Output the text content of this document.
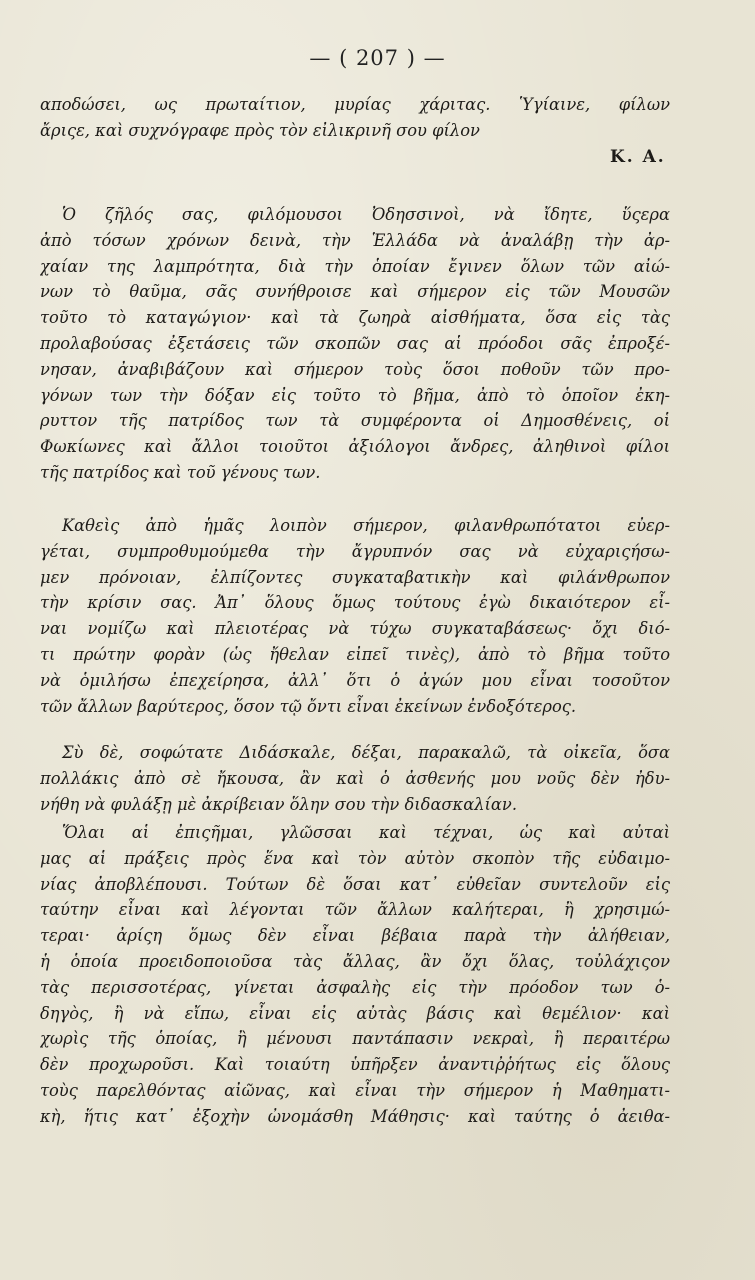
— ( 207 ) —
αποδώσει, ως πρωταίτιον, μυρίας χάριτας. Ὑγίαινε, φίλων
ἄριςε, καὶ συχνόγραφε πρὸς τὸν εἰλικρινῆ σου φίλον
Κ. Α.
Ὁ ζῆλός σας, φιλόμουσοι Ὀδησσινοὶ, νὰ ἴδητε, ὕςερα
ἀπὸ τόσων χρόνων δεινὰ, τὴν Ἑλλάδα νὰ ἀναλάβῃ τὴν ἀρ-
χαίαν της λαμπρότητα, διὰ τὴν ὁποίαν ἔγινεν ὅλων τῶν αἰώ-
νων τὸ θαῦμα, σᾶς συνήθροισε καὶ σήμερον εἰς τῶν Μουσῶν
τοῦτο τὸ καταγώγιον· καὶ τὰ ζωηρὰ αἰσθήματα, ὅσα εἰς τὰς
προλαβούσας ἐξετάσεις τῶν σκοπῶν σας αἱ πρόοδοι σᾶς ἐπροξέ-
νησαν, ἀναβιβάζουν καὶ σήμερον τοὺς ὅσοι ποθοῦν τῶν προ-
γόνων των τὴν δόξαν εἰς τοῦτο τὸ βῆμα, ἀπὸ τὸ ὁποῖον ἐκη-
ρυττον τῆς πατρίδος των τὰ συμφέροντα οἱ Δημοσθένεις, οἱ
Φωκίωνες καὶ ἄλλοι τοιοῦτοι ἀξιόλογοι ἄνδρες, ἀληθινοὶ φίλοι
τῆς πατρίδος καὶ τοῦ γένους των.
Καθεὶς ἀπὸ ἡμᾶς λοιπὸν σήμερον, φιλανθρωπότατοι εὐερ-
γέται, συμπροθυμούμεθα τὴν ἄγρυπνόν σας νὰ εὐχαριςήσω-
μεν πρόνοιαν, ἐλπίζοντες συγκαταβατικὴν καὶ φιλάνθρωπον
τὴν κρίσιν σας. Ἀπ᾽ ὅλους ὅμως τούτους ἐγὼ δικαιότερον εἶ-
ναι νομίζω καὶ πλειοτέρας νὰ τύχω συγκαταβάσεως· ὄχι διό-
τι πρώτην φορὰν (ὡς ἤθελαν εἰπεῖ τινὲς), ἀπὸ τὸ βῆμα τοῦτο
νὰ ὁμιλήσω ἐπεχείρησα, ἀλλ᾽ ὅτι ὁ ἀγών μου εἶναι τοσοῦτον
τῶν ἄλλων βαρύτερος, ὅσον τῷ ὄντι εἶναι ἐκείνων ἐνδοξότερος.
Σὺ δὲ, σοφώτατε Διδάσκαλε, δέξαι, παρακαλῶ, τὰ οἰκεῖα, ὅσα
πολλάκις ἀπὸ σὲ ἤκουσα, ἂν καὶ ὁ ἀσθενής μου νοῦς δὲν ἠδυ-
νήθη νὰ φυλάξῃ μὲ ἀκρίβειαν ὅλην σου τὴν διδασκαλίαν.
Ὅλαι αἱ ἐπιςῆμαι, γλῶσσαι καὶ τέχναι, ὡς καὶ αὐταὶ
μας αἱ πράξεις πρὸς ἕνα καὶ τὸν αὐτὸν σκοπὸν τῆς εὐδαιμο-
νίας ἀποβλέπουσι. Τούτων δὲ ὅσαι κατ᾽ εὐθεῖαν συντελοῦν εἰς
ταύτην εἶναι καὶ λέγονται τῶν ἄλλων καλήτεραι, ἢ χρησιμώ-
τεραι· ἀρίςη ὅμως δὲν εἶναι βέβαια παρὰ τὴν ἀλήθειαν,
ἡ ὁποία προειδοποιοῦσα τὰς ἄλλας, ἂν ὄχι ὅλας, τοὐλάχιςον
τὰς περισσοτέρας, γίνεται ἀσφαλὴς εἰς τὴν πρόοδον των ὁ-
δηγὸς, ἢ νὰ εἴπω, εἶναι εἰς αὐτὰς βάσις καὶ θεμέλιον· καὶ
χωρὶς τῆς ὁποίας, ἢ μένουσι παντάπασιν νεκραὶ, ἢ περαιτέρω
δὲν προχωροῦσι. Καὶ τοιαύτη ὑπῆρξεν ἀναντιῤῥήτως εἰς ὅλους
τοὺς παρελθόντας αἰῶνας, καὶ εἶναι τὴν σήμερον ἡ Μαθηματι-
κὴ, ἥτις κατ᾽ ἐξοχὴν ὠνομάσθη Μάθησις· καὶ ταύτης ὁ ἀειθα-
